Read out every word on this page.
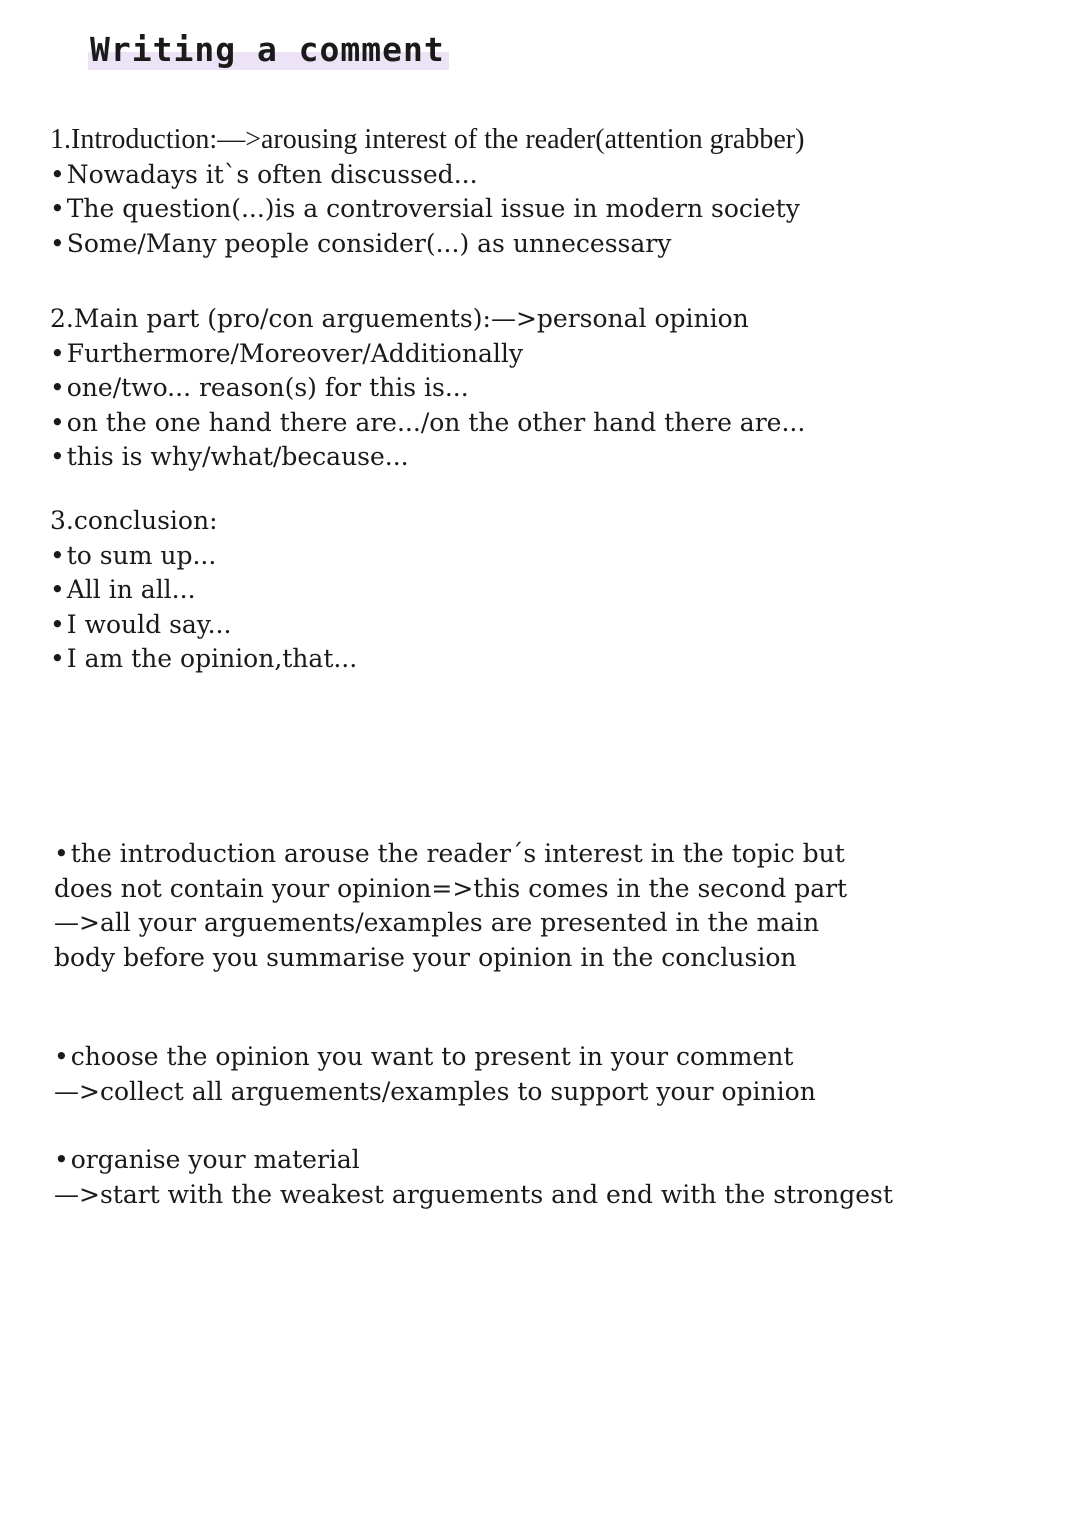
Writing a comment
1.Introduction:—>arousing interest of the reader(attention grabber)
• Nowadays it`s often discussed...
• The question(...)is a controversial issue in modern society
• Some/Many people consider(...) as unnecessary
2.Main part (pro/con arguements):—>personal opinion
• Furthermore/Moreover/Additionally
• one/two... reason(s) for this is...
• on the one hand there are.../on the other hand there are...
• this is why/what/because...
3.conclusion:
• to sum up...
• All in all...
• I would say...
• I am the opinion,that...
• the introduction arouse the reader´s interest in the topic but
does not contain your opinion=>this comes in the second part
—>all your arguements/examples are presented in the main
body before you summarise your opinion in the conclusion
• choose the opinion you want to present in your comment
—>collect all arguements/examples to support your opinion
• organise your material
—>start with the weakest arguements and end with the strongest
